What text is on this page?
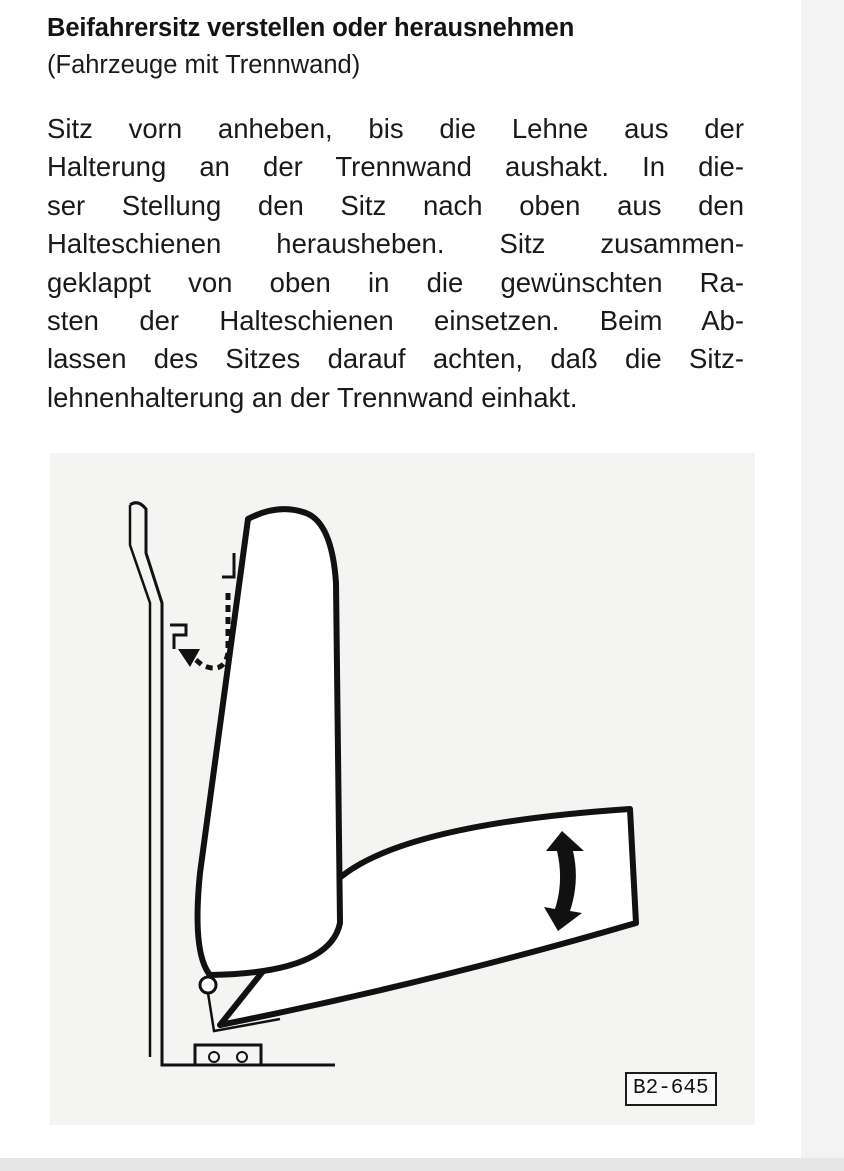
Beifahrersitz verstellen oder herausnehmen

(Fahrzeuge mit Trennwand)

Sitz vorn anheben, bis die Lehne aus der
Halterung an der Trennwand aushakt. In die-
ser Stellung den Sitz nach oben aus den
Halteschienen herausheben. Sitz zusammen-
geklappt von oben in die gewünschten Ra-
sten der Halteschienen einsetzen. Beim Ab-
lassen des Sitzes darauf achten, daß die Sitz-
lehnenhalterung an der Trennwand einhakt.
B2-645
